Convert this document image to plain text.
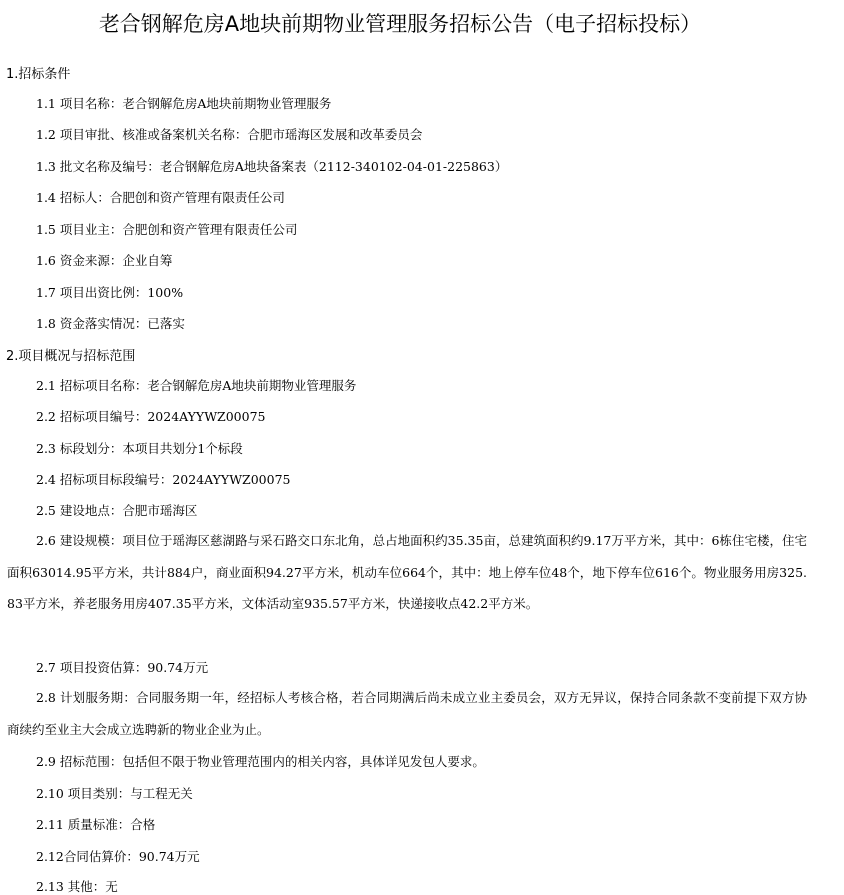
老合钢解危房A地块前期物业管理服务招标公告（电子招标投标）
1.招标条件
1.1 项目名称：老合钢解危房A地块前期物业管理服务
1.2 项目审批、核准或备案机关名称：合肥市瑶海区发展和改革委员会
1.3 批文名称及编号：老合钢解危房A地块备案表（2112-340102-04-01-225863）
1.4 招标人：合肥创和资产管理有限责任公司
1.5 项目业主：合肥创和资产管理有限责任公司
1.6 资金来源：企业自筹
1.7 项目出资比例：100%
1.8 资金落实情况：已落实
2.项目概况与招标范围
2.1 招标项目名称：老合钢解危房A地块前期物业管理服务
2.2 招标项目编号：2024AYYWZ00075
2.3 标段划分：本项目共划分1个标段
2.4 招标项目标段编号：2024AYYWZ00075
2.5 建设地点：合肥市瑶海区
2.6 建设规模：项目位于瑶海区慈湖路与采石路交口东北角，总占地面积约35.35亩，总建筑面积约9.17万平方米，其中：6栋住宅楼，住宅面积63014.95平方米，共计884户，商业面积94.27平方米，机动车位664个，其中：地上停车位48个，地下停车位616个。物业服务用房325.83平方米，养老服务用房407.35平方米，文体活动室935.57平方米，快递接收点42.2平方米。
2.7 项目投资估算：90.74万元
2.8 计划服务期：合同服务期一年，经招标人考核合格，若合同期满后尚未成立业主委员会，双方无异议，保持合同条款不变前提下双方协商续约至业主大会成立选聘新的物业企业为止。
2.9 招标范围：包括但不限于物业管理范围内的相关内容，具体详见发包人要求。
2.10 项目类别：与工程无关
2.11 质量标准：合格
2.12合同估算价：90.74万元
2.13 其他：无
